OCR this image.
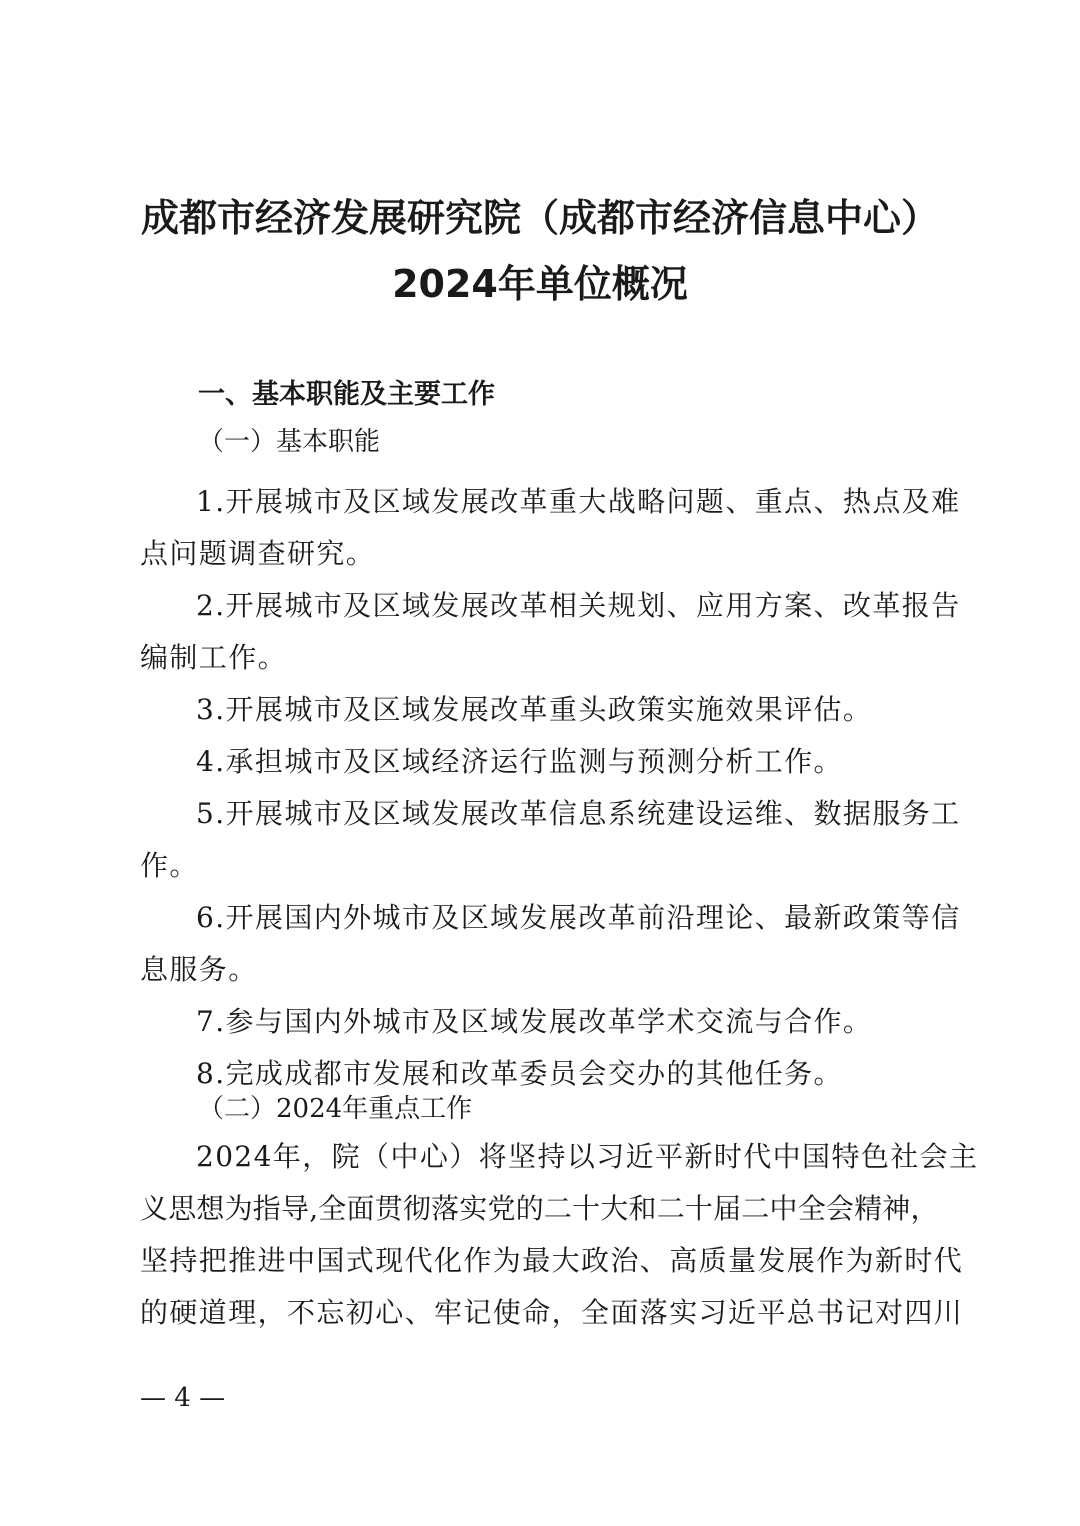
成都市经济发展研究院（成都市经济信息中心）
2024年单位概况
一、基本职能及主要工作
（一）基本职能
1.开展城市及区域发展改革重大战略问题、重点、热点及难
点问题调查研究。
2.开展城市及区域发展改革相关规划、应用方案、改革报告
编制工作。
3.开展城市及区域发展改革重头政策实施效果评估。
4.承担城市及区域经济运行监测与预测分析工作。
5.开展城市及区域发展改革信息系统建设运维、数据服务工
作。
6.开展国内外城市及区域发展改革前沿理论、最新政策等信
息服务。
7.参与国内外城市及区域发展改革学术交流与合作。
8.完成成都市发展和改革委员会交办的其他任务。
（二）2024年重点工作
2024年，院（中心）将坚持以习近平新时代中国特色社会主
义思想为指导,全面贯彻落实党的二十大和二十届二中全会精神，
坚持把推进中国式现代化作为最大政治、高质量发展作为新时代
的硬道理，不忘初心、牢记使命，全面落实习近平总书记对四川
— 4 —
